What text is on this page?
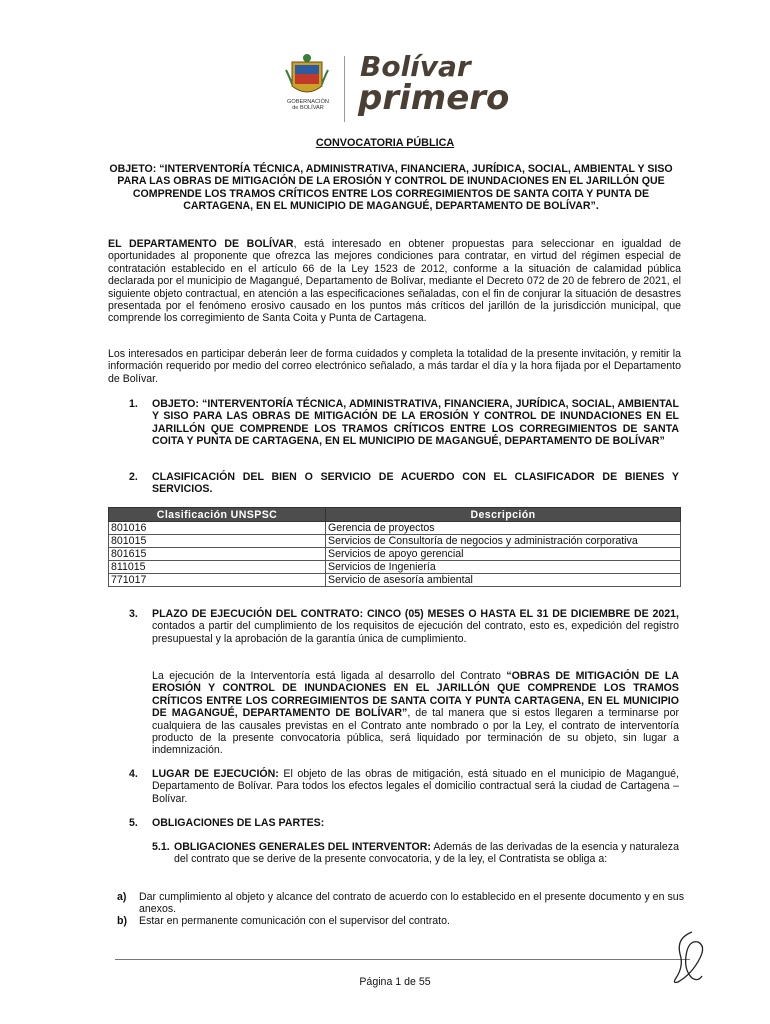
GOBERNACIÓN
de BOLÍVAR
Bolívar
primero
CONVOCATORIA PÚBLICA
OBJETO: “INTERVENTORÍA TÉCNICA, ADMINISTRATIVA, FINANCIERA, JURÍDICA, SOCIAL, AMBIENTAL Y SISO PARA LAS OBRAS DE MITIGACIÓN DE LA EROSIÓN Y CONTROL DE INUNDACIONES EN EL JARILLÓN QUE COMPRENDE LOS TRAMOS CRÍTICOS ENTRE LOS CORREGIMIENTOS DE SANTA COITA Y PUNTA DE CARTAGENA, EN EL MUNICIPIO DE MAGANGUÉ, DEPARTAMENTO DE BOLÍVAR”.
EL DEPARTAMENTO DE BOLÍVAR, está interesado en obtener propuestas para seleccionar en igualdad de oportunidades al proponente que ofrezca las mejores condiciones para contratar, en virtud del régimen especial de contratación establecido en el artículo 66 de la Ley 1523 de 2012, conforme a la situación de calamidad pública declarada por el municipio de Magangué, Departamento de Bolívar, mediante el Decreto 072 de 20 de febrero de 2021, el siguiente objeto contractual, en atención a las especificaciones señaladas, con el fin de conjurar la situación de desastres presentada por el fenómeno erosivo causado en los puntos más críticos del jarillón de la jurisdicción municipal, que comprende los corregimiento de Santa Coita y Punta de Cartagena.
Los interesados en participar deberán leer de forma cuidados y completa la totalidad de la presente invitación, y remitir la información requerido por medio del correo electrónico señalado, a más tardar el día y la hora fijada por el Departamento de Bolívar.
1. OBJETO: “INTERVENTORÍA TÉCNICA, ADMINISTRATIVA, FINANCIERA, JURÍDICA, SOCIAL, AMBIENTAL Y SISO PARA LAS OBRAS DE MITIGACIÓN DE LA EROSIÓN Y CONTROL DE INUNDACIONES EN EL JARILLÓN QUE COMPRENDE LOS TRAMOS CRÍTICOS ENTRE LOS CORREGIMIENTOS DE SANTA COITA Y PUNTA DE CARTAGENA, EN EL MUNICIPIO DE MAGANGUÉ, DEPARTAMENTO DE BOLÍVAR”
2. CLASIFICACIÓN DEL BIEN O SERVICIO DE ACUERDO CON EL CLASIFICADOR DE BIENES Y SERVICIOS.
Clasificación UNSPSC	Descripción
801016	Gerencia de proyectos
801015	Servicios de Consultoría de negocios y administración corporativa
801615	Servicios de apoyo gerencial
811015	Servicios de Ingeniería
771017	Servicio de asesoría ambiental
3. PLAZO DE EJECUCIÓN DEL CONTRATO: CINCO (05) MESES O HASTA EL 31 DE DICIEMBRE DE 2021, contados a partir del cumplimiento de los requisitos de ejecución del contrato, esto es, expedición del registro presupuestal y la aprobación de la garantía única de cumplimiento.
La ejecución de la Interventoría está ligada al desarrollo del Contrato “OBRAS DE MITIGACIÓN DE LA EROSIÓN Y CONTROL DE INUNDACIONES EN EL JARILLÓN QUE COMPRENDE LOS TRAMOS CRÍTICOS ENTRE LOS CORREGIMIENTOS DE SANTA COITA Y PUNTA CARTAGENA, EN EL MUNICIPIO DE MAGANGUÉ, DEPARTAMENTO DE BOLÍVAR”, de tal manera que si estos llegaren a terminarse por cualquiera de las causales previstas en el Contrato ante nombrado o por la Ley, el contrato de interventoría producto de la presente convocatoria pública, será liquidado por terminación de su objeto, sin lugar a indemnización.
4. LUGAR DE EJECUCIÓN: El objeto de las obras de mitigación, está situado en el municipio de Magangué, Departamento de Bolívar. Para todos los efectos legales el domicilio contractual será la ciudad de Cartagena – Bolívar.
5. OBLIGACIONES DE LAS PARTES:
5.1. OBLIGACIONES GENERALES DEL INTERVENTOR: Además de las derivadas de la esencia y naturaleza del contrato que se derive de la presente convocatoria, y de la ley, el Contratista se obliga a:
a) Dar cumplimiento al objeto y alcance del contrato de acuerdo con lo establecido en el presente documento y en sus anexos.
b) Estar en permanente comunicación con el supervisor del contrato.
Página 1 de 55
